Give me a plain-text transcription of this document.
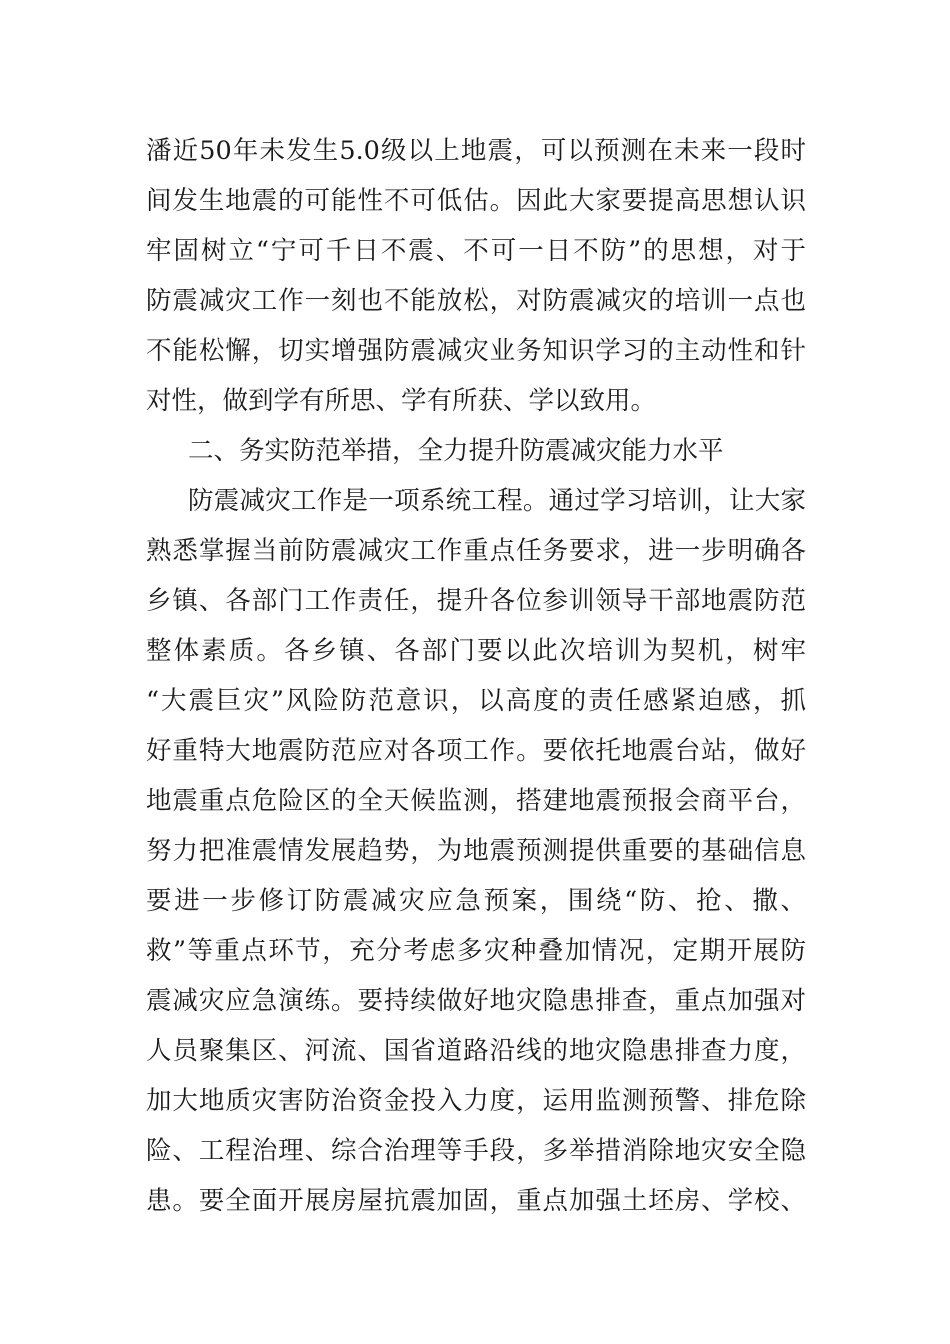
潘近50年未发生5.0级以上地震，可以预测在未来一段时
间发生地震的可能性不可低估。因此大家要提高思想认识
牢固树立“宁可千日不震、不可一日不防”的思想，对于
防震减灾工作一刻也不能放松，对防震减灾的培训一点也
不能松懈，切实增强防震减灾业务知识学习的主动性和针
对性，做到学有所思、学有所获、学以致用。
二、务实防范举措，全力提升防震减灾能力水平
防震减灾工作是一项系统工程。通过学习培训，让大家
熟悉掌握当前防震减灾工作重点任务要求，进一步明确各
乡镇、各部门工作责任，提升各位参训领导干部地震防范
整体素质。各乡镇、各部门要以此次培训为契机，树牢
“大震巨灾”风险防范意识，以高度的责任感紧迫感，抓
好重特大地震防范应对各项工作。要依托地震台站，做好
地震重点危险区的全天候监测，搭建地震预报会商平台，
努力把准震情发展趋势，为地震预测提供重要的基础信息
要进一步修订防震减灾应急预案，围绕“防、抢、撒、
救”等重点环节，充分考虑多灾种叠加情况，定期开展防
震减灾应急演练。要持续做好地灾隐患排查，重点加强对
人员聚集区、河流、国省道路沿线的地灾隐患排查力度，
加大地质灾害防治资金投入力度，运用监测预警、排危除
险、工程治理、综合治理等手段，多举措消除地灾安全隐
患。要全面开展房屋抗震加固，重点加强土坯房、学校、
